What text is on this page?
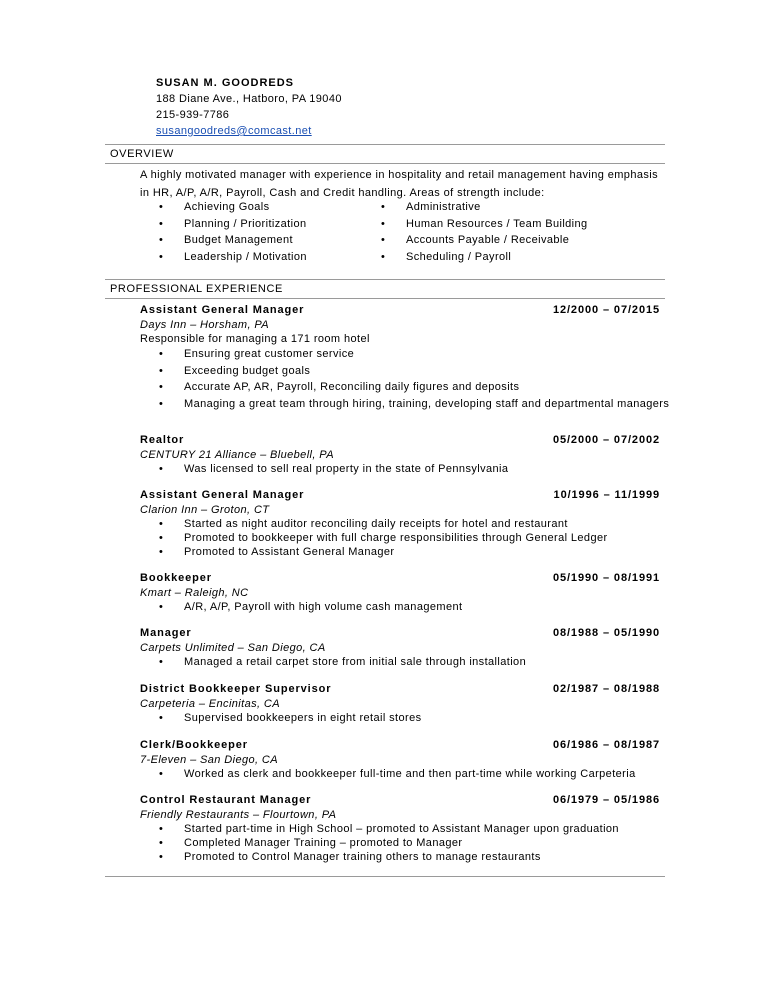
SUSAN M. GOODREDS
188 Diane Ave., Hatboro, PA 19040
215-939-7786
susangoodreds@comcast.net
OVERVIEW
A highly motivated manager with experience in hospitality and retail management having emphasis in HR, A/P, A/R, Payroll, Cash and Credit handling. Areas of strength include:
• Achieving Goals
• Planning / Prioritization
• Budget Management
• Leadership / Motivation
• Administrative
• Human Resources / Team Building
• Accounts Payable / Receivable
• Scheduling / Payroll
PROFESSIONAL EXPERIENCE
Assistant General Manager	12/2000 – 07/2015
Days Inn – Horsham, PA
Responsible for managing a 171 room hotel
• Ensuring great customer service
• Exceeding budget goals
• Accurate AP, AR, Payroll, Reconciling daily figures and deposits
• Managing a great team through hiring, training, developing staff and departmental managers
Realtor	05/2000 – 07/2002
CENTURY 21 Alliance – Bluebell, PA
• Was licensed to sell real property in the state of Pennsylvania
Assistant General Manager	10/1996 – 11/1999
Clarion Inn – Groton, CT
• Started as night auditor reconciling daily receipts for hotel and restaurant
• Promoted to bookkeeper with full charge responsibilities through General Ledger
• Promoted to Assistant General Manager
Bookkeeper	05/1990 – 08/1991
Kmart – Raleigh, NC
• A/R, A/P, Payroll with high volume cash management
Manager	08/1988 – 05/1990
Carpets Unlimited – San Diego, CA
• Managed a retail carpet store from initial sale through installation
District Bookkeeper Supervisor	02/1987 – 08/1988
Carpeteria – Encinitas, CA
• Supervised bookkeepers in eight retail stores
Clerk/Bookkeeper	06/1986 – 08/1987
7-Eleven – San Diego, CA
• Worked as clerk and bookkeeper full-time and then part-time while working Carpeteria
Control Restaurant Manager	06/1979 – 05/1986
Friendly Restaurants – Flourtown, PA
• Started part-time in High School – promoted to Assistant Manager upon graduation
• Completed Manager Training – promoted to Manager
• Promoted to Control Manager training others to manage restaurants
